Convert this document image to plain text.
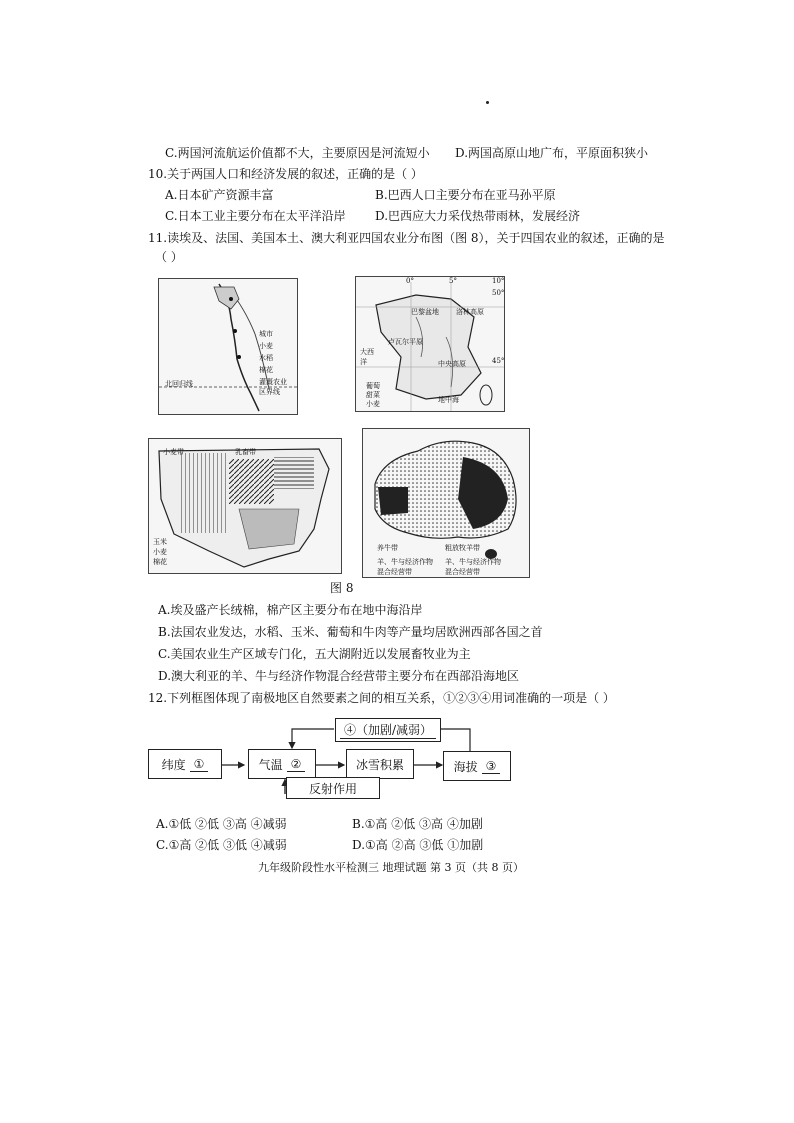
C.两国河流航运价值都不大，主要原因是河流短小 D.两国高原山地广布，平原面积狭小
10.关于两国人口和经济发展的叙述，正确的是（ ）
A.日本矿产资源丰富	B.巴西人口主要分布在亚马孙平原
C.日本工业主要分布在太平洋沿岸 D.巴西应大力采伐热带雨林，发展经济
11.读埃及、法国、美国本土、澳大利亚四国农业分布图（图 8），关于四国农业的叙述，正确的是
（ ）
城市
小麦
水稻
棉花
灌溉农业区界线
北回归线
0°	5°	10°
50°
45°
巴黎盆地 洛林高原
大西洋
卢瓦尔平原
中央高原
地中海
葡萄
甜菜
小麦
小麦带	乳畜带
玉米
小麦
棉花
养牛带	粗放牧羊带
羊、牛与经济作物混合经营带
羊、牛与经济作物混合经营带
图 8
A.埃及盛产长绒棉，棉产区主要分布在地中海沿岸
B.法国农业发达，水稻、玉米、葡萄和牛肉等产量均居欧洲西部各国之首
C.美国农业生产区域专门化，五大湖附近以发展畜牧业为主
D.澳大利亚的羊、牛与经济作物混合经营带主要分布在西部沿海地区
12.下列框图体现了南极地区自然要素之间的相互关系，①②③④用词准确的一项是（ ）
④（加剧/减弱）
纬度 ①	气温 ②	冰雪积累	海拔 ③
反射作用
A.①低 ②低 ③高 ④减弱	B.①高 ②低 ③高 ④加剧
C.①高 ②低 ③低 ④减弱	D.①高 ②高 ③低 ①加剧
九年级阶段性水平检测三 地理试题 第 3 页（共 8 页）
